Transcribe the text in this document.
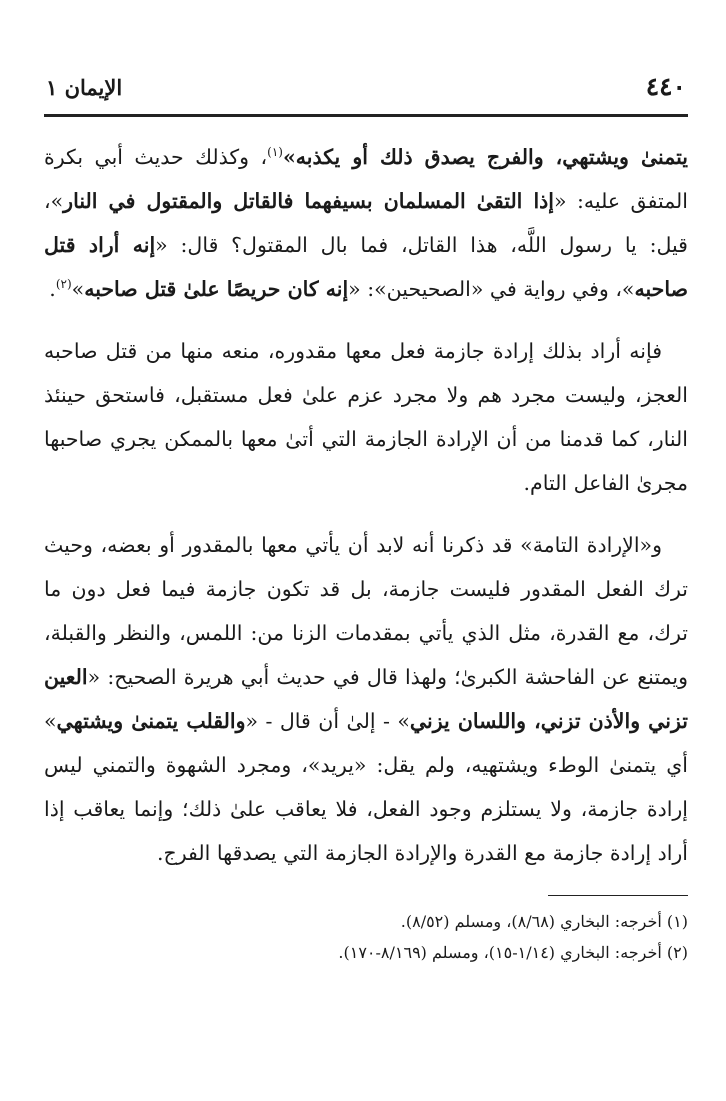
٤٤٠
الإيمان ١

يتمنىٰ ويشتهي، والفرج يصدق ذلك أو يكذبه»$^{(١)}$، وكذلك حديث أبي بكرة المتفق عليه: «إذا التقىٰ المسلمان بسيفهما فالقاتل والمقتول في النار»، قيل: يا رسول اللَّه، هذا القاتل، فما بال المقتول؟ قال: «إنه أراد قتل صاحبه»، وفي رواية في «الصحيحين»: «إنه كان حريصًا علىٰ قتل صاحبه»$^{(٢)}$.

فإنه أراد بذلك إرادة جازمة فعل معها مقدوره، منعه منها من قتل صاحبه العجز، وليست مجرد هم ولا مجرد عزم علىٰ فعل مستقبل، فاستحق حينئذ النار، كما قدمنا من أن الإرادة الجازمة التي أتىٰ معها بالممكن يجري صاحبها مجرىٰ الفاعل التام.

و«الإرادة التامة» قد ذكرنا أنه لابد أن يأتي معها بالمقدور أو بعضه، وحيث ترك الفعل المقدور فليست جازمة، بل قد تكون جازمة فيما فعل دون ما ترك، مع القدرة، مثل الذي يأتي بمقدمات الزنا من: اللمس، والنظر والقبلة، ويمتنع عن الفاحشة الكبرىٰ؛ ولهذا قال في حديث أبي هريرة الصحيح: «العين تزني والأذن تزني، واللسان يزني» - إلىٰ أن قال - «والقلب يتمنىٰ ويشتهي» أي يتمنىٰ الوطء ويشتهيه، ولم يقل: «يريد»، ومجرد الشهوة والتمني ليس إرادة جازمة، ولا يستلزم وجود الفعل، فلا يعاقب علىٰ ذلك؛ وإنما يعاقب إذا أراد إرادة جازمة مع القدرة والإرادة الجازمة التي يصدقها الفرج.

(١) أخرجه: البخاري (٨/٦٨)، ومسلم (٨/٥٢).

(٢) أخرجه: البخاري (١/١٤-١٥)، ومسلم (٨/١٦٩-١٧٠).
